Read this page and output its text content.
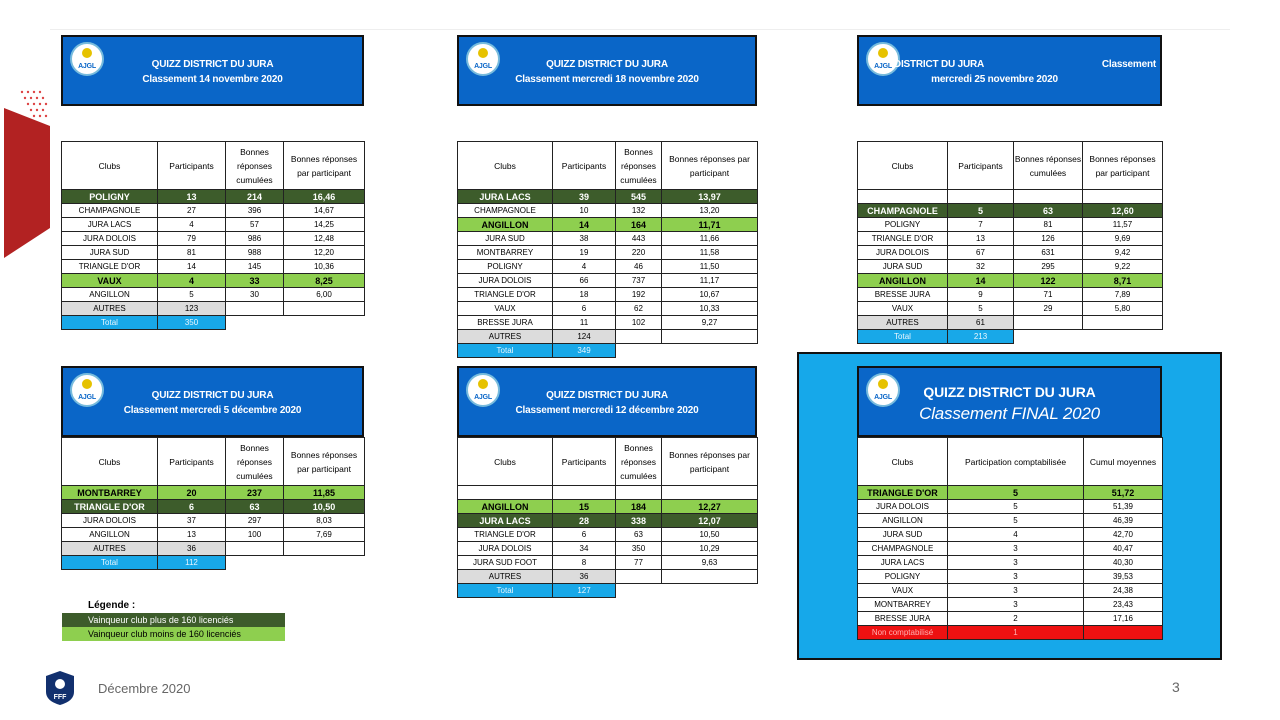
AJGL	QUIZZ DISTRICT DU JURA
Classement 14 novembre 2020
Clubs	Participants	Bonnes réponses cumulées	Bonnes réponses par participant
POLIGNY	13	214	16,46
CHAMPAGNOLE	27	396	14,67
JURA LACS	4	57	14,25
JURA DOLOIS	79	986	12,48
JURA SUD	81	988	12,20
TRIANGLE D'OR	14	145	10,36
VAUX	4	33	8,25
ANGILLON	5	30	6,00
AUTRES	123		
Total	350		
AJGL	QUIZZ DISTRICT DU JURA
Classement mercredi 18 novembre 2020
Clubs	Participants	Bonnes réponses cumulées	Bonnes réponses par participant
JURA LACS	39	545	13,97
CHAMPAGNOLE	10	132	13,20
ANGILLON	14	164	11,71
JURA SUD	38	443	11,66
MONTBARREY	19	220	11,58
POLIGNY	4	46	11,50
JURA DOLOIS	66	737	11,17
TRIANGLE D'OR	18	192	10,67
VAUX	6	62	10,33
BRESSE JURA	11	102	9,27
AUTRES	124		
Total	349		
AJGL DISTRICT DU JURA	Classement
mercredi 25 novembre 2020
Clubs	Participants	Bonnes réponses cumulées	Bonnes réponses par participant

CHAMPAGNOLE	5	63	12,60
POLIGNY	7	81	11,57
TRIANGLE D'OR	13	126	9,69
JURA DOLOIS	67	631	9,42
JURA SUD	32	295	9,22
ANGILLON	14	122	8,71
BRESSE JURA	9	71	7,89
VAUX	5	29	5,80
AUTRES	61		
Total	213		
AJGL	QUIZZ DISTRICT DU JURA
Classement mercredi 5 décembre 2020
Clubs	Participants	Bonnes réponses cumulées	Bonnes réponses par participant
MONTBARREY	20	237	11,85
TRIANGLE D'OR	6	63	10,50
JURA DOLOIS	37	297	8,03
ANGILLON	13	100	7,69
AUTRES	36		
Total	112		
AJGL	QUIZZ DISTRICT DU JURA
Classement mercredi 12 décembre 2020
Clubs	Participants	Bonnes réponses cumulées	Bonnes réponses par participant

ANGILLON	15	184	12,27
JURA LACS	28	338	12,07
TRIANGLE D'OR	6	63	10,50
JURA DOLOIS	34	350	10,29
JURA SUD FOOT	8	77	9,63
AUTRES	36		
Total	127		
AJGL	QUIZZ DISTRICT DU JURA
Classement FINAL 2020
Clubs	Participation comptabilisée	Cumul moyennes
TRIANGLE D'OR	5	51,72
JURA DOLOIS	5	51,39
ANGILLON	5	46,39
JURA SUD	4	42,70
CHAMPAGNOLE	3	40,47
JURA LACS	3	40,30
POLIGNY	3	39,53
VAUX	3	24,38
MONTBARREY	3	23,43
BRESSE JURA	2	17,16
Non comptabilisé	1	
Légende :
Vainqueur club plus de 160 licenciés
Vainqueur club moins de 160 licenciés
FFF
Décembre 2020	3
